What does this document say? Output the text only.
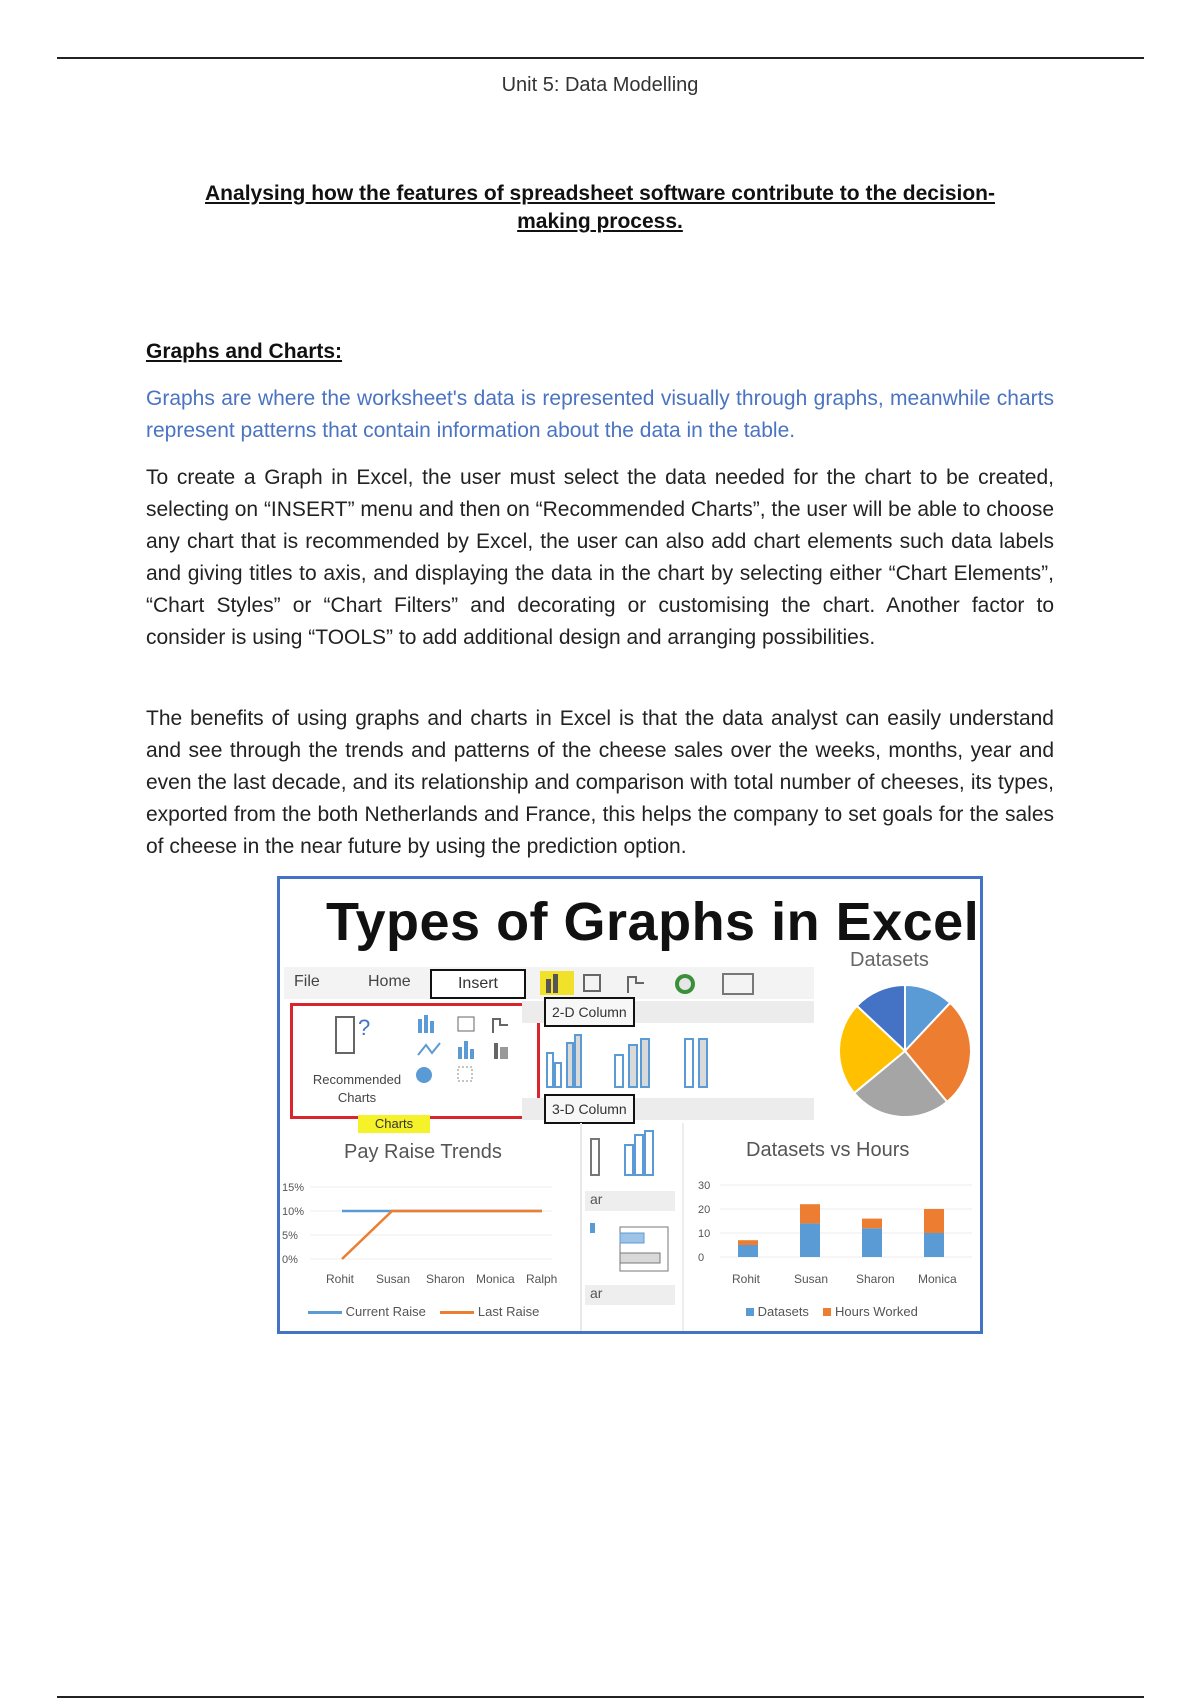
Unit 5: Data Modelling
Analysing how the features of spreadsheet software contribute to the decision-making process.
Graphs and Charts:
Graphs are where the worksheet's data is represented visually through graphs, meanwhile charts represent patterns that contain information about the data in the table.
To create a Graph in Excel, the user must select the data needed for the chart to be created, selecting on “INSERT” menu and then on “Recommended Charts”, the user will be able to choose any chart that is recommended by Excel, the user can also add chart elements such data labels and giving titles to axis, and displaying the data in the chart by selecting either “Chart Elements”, “Chart Styles” or “Chart Filters” and decorating or customising the chart. Another factor to consider is using “TOOLS” to add additional design and arranging possibilities.
The benefits of using graphs and charts in Excel is that the data analyst can easily understand and see through the trends and patterns of the cheese sales over the weeks, months, year and even the last decade, and its relationship and comparison with total number of cheeses, its types, exported from the both Netherlands and France, this helps the company to set goals for the sales of cheese in the near future by using the prediction option.
Types of Graphs in Excel
File	Home	Insert
?
Recommended
Charts
Charts
2-D Column
3-D Column
ar
ar
Datasets
Pay Raise Trends
0%
5%
10%
15%
Rohit Susan Sharon Monica Ralph
Current Raise	Last Raise
Datasets vs Hours
0
10
20
30
Rohit	Susan Sharon Monica
Datasets Hours Worked
